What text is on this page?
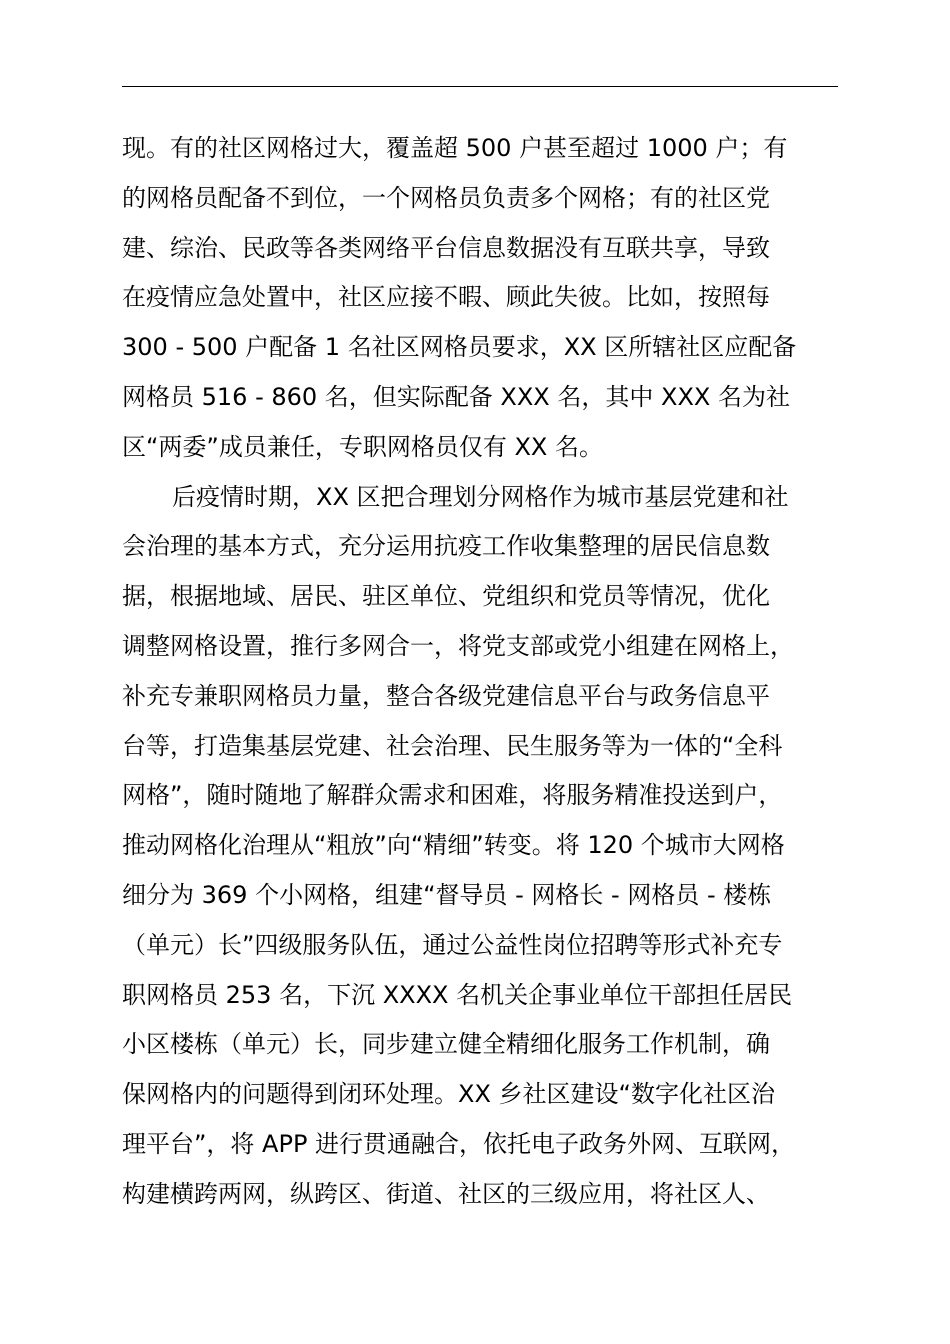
现。有的社区网格过大，覆盖超 500 户甚至超过 1000 户；有
的网格员配备不到位，一个网格员负责多个网格；有的社区党
建、综治、民政等各类网络平台信息数据没有互联共享，导致
在疫情应急处置中，社区应接不暇、顾此失彼。比如，按照每
300 - 500 户配备 1 名社区网格员要求，XX 区所辖社区应配备
网格员 516 - 860 名，但实际配备 XXX 名，其中 XXX 名为社
区“两委”成员兼任，专职网格员仅有 XX 名。
后疫情时期，XX 区把合理划分网格作为城市基层党建和社
会治理的基本方式，充分运用抗疫工作收集整理的居民信息数
据，根据地域、居民、驻区单位、党组织和党员等情况，优化
调整网格设置，推行多网合一，将党支部或党小组建在网格上，
补充专兼职网格员力量，整合各级党建信息平台与政务信息平
台等，打造集基层党建、社会治理、民生服务等为一体的“全科
网格”，随时随地了解群众需求和困难，将服务精准投送到户，
推动网格化治理从“粗放”向“精细”转变。将 120 个城市大网格
细分为 369 个小网格，组建“督导员 - 网格长 - 网格员 - 楼栋
（单元）长”四级服务队伍，通过公益性岗位招聘等形式补充专
职网格员 253 名，下沉 XXXX 名机关企事业单位干部担任居民
小区楼栋（单元）长，同步建立健全精细化服务工作机制，确
保网格内的问题得到闭环处理。XX 乡社区建设“数字化社区治
理平台”，将 APP 进行贯通融合，依托电子政务外网、互联网，
构建横跨两网，纵跨区、街道、社区的三级应用，将社区人、
